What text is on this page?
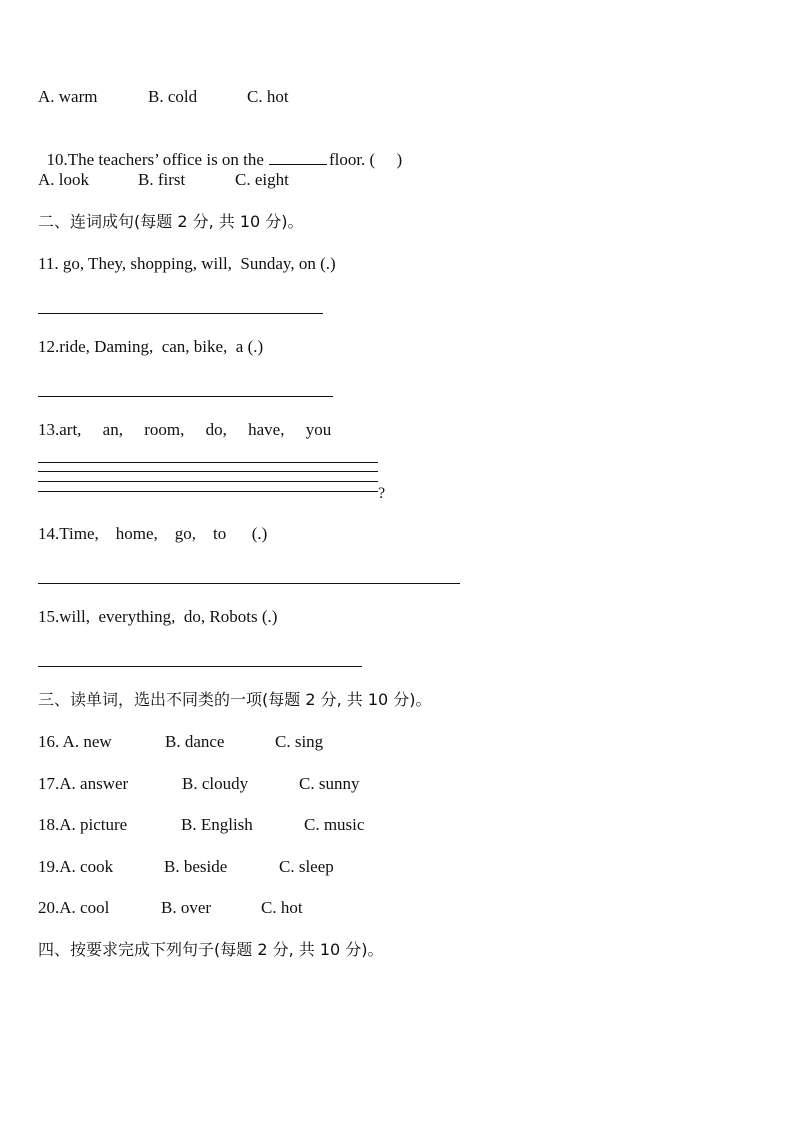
A. warm	B. cold	C. hot

10.The teachers’ office is on the	floor. (     )

A. look	B. first	C. eight
二、连词成句(每题 2 分, 共 10 分)。
11. go, They, shopping, will,  Sunday, on (.)
12.ride, Daming,  can, bike,  a (.)
13.art,     an,     room,     do,     have,     you
?
14.Time,    home,    go,    to      (.)
15.will,  everything,  do, Robots (.)
三、读单词，选出不同类的一项(每题 2 分, 共 10 分)。
16. A. new	B. dance	C. sing
17.A. answer	B. cloudy	C. sunny
18.A. picture	B. English	C. music
19.A. cook	B. beside	C. sleep
20.A. cool	B. over	C. hot
四、按要求完成下列句子(每题 2 分, 共 10 分)。
